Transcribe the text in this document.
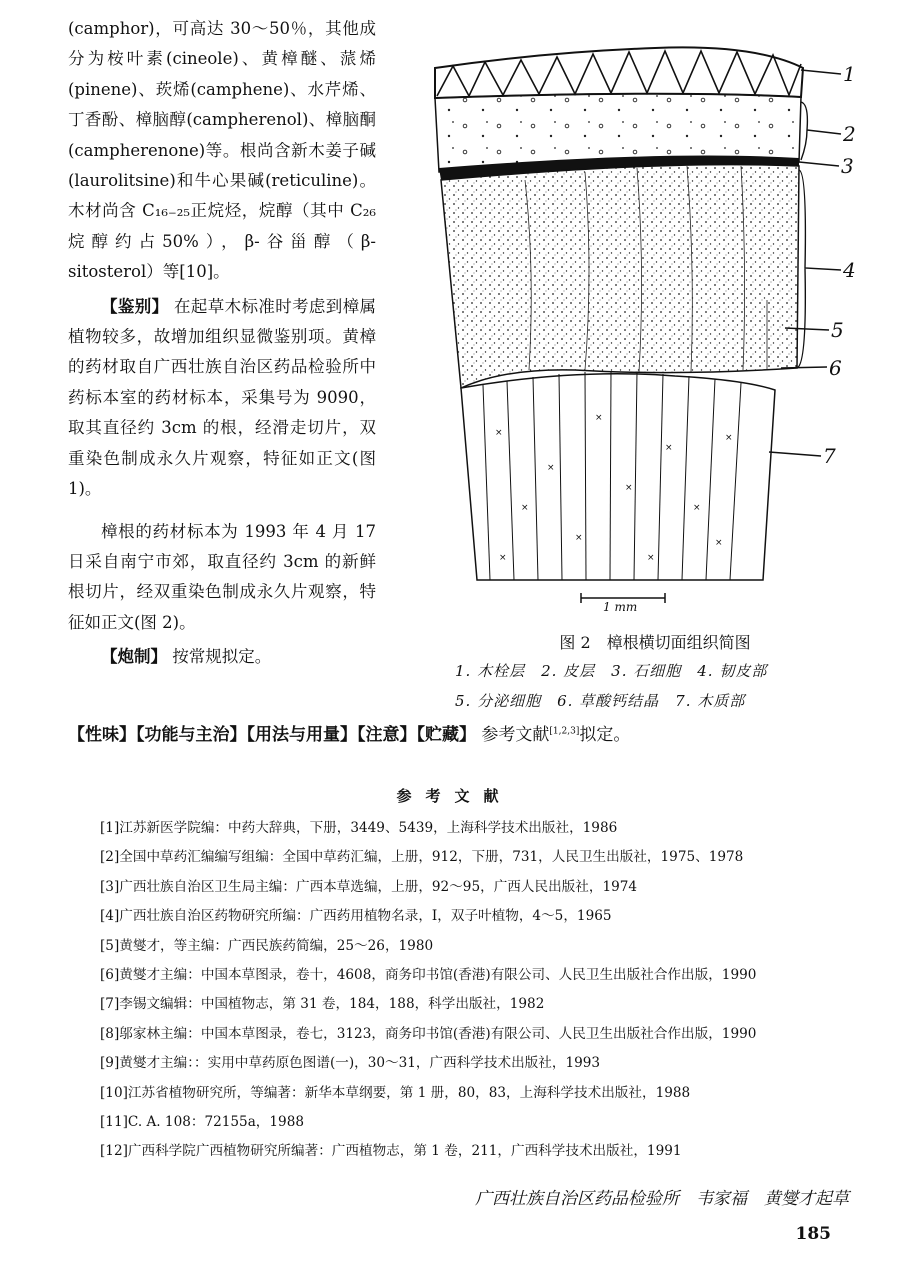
(camphor)，可高达 30～50％，其他成分为桉叶素(cineole)、黄樟醚、蒎烯(pinene)、莰烯(camphene)、水芹烯、丁香酚、樟脑醇(campherenol)、樟脑酮(campherenone)等。根尚含新木姜子碱(laurolitsine)和牛心果碱(reticuline)。木材尚含 C₁₆₋₂₅正烷烃，烷醇（其中 C₂₆烷醇约占50%），β-谷甾醇（β-sitosterol）等[10]。

【鉴别】 在起草木标准时考虑到樟属植物较多，故增加组织显微鉴别项。黄樟的药材取自广西壮族自治区药品检验所中药标本室的药材标本，采集号为 9090，取其直径约 3cm 的根，经滑走切片，双重染色制成永久片观察，特征如正文(图1)。

樟根的药材标本为 1993 年 4 月 17 日采自南宁市郊，取直径约 3cm 的新鲜根切片，经双重染色制成永久片观察，特征如正文(图 2)。

【炮制】 按常规拟定。

×
×
×
×
×
×
×
×
×
×
×	×
1
2
3
4
5
6
7
1 mm
图 2　樟根横切面组织简图
1. 木栓层　2. 皮层　3. 石细胞　4. 韧皮部
5. 分泌细胞　6. 草酸钙结晶　7. 木质部
【性味】【功能与主治】【用法与用量】【注意】【贮藏】 参考文献[1,2,3]拟定。
参考文献
[1]江苏新医学院编：中药大辞典，下册，3449、5439，上海科学技术出版社，1986
[2]全国中草药汇编编写组编：全国中草药汇编，上册，912，下册，731，人民卫生出版社，1975、1978
[3]广西壮族自治区卫生局主编：广西本草选编，上册，92～95，广西人民出版社，1974
[4]广西壮族自治区药物研究所编：广西药用植物名录，Ⅰ，双子叶植物，4～5，1965
[5]黄燮才，等主编：广西民族药简编，25～26，1980
[6]黄燮才主编：中国本草图录，卷十，4608，商务印书馆(香港)有限公司、人民卫生出版社合作出版，1990
[7]李锡文编辑：中国植物志，第 31 卷，184，188，科学出版社，1982
[8]邬家林主编：中国本草图录，卷七，3123，商务印书馆(香港)有限公司、人民卫生出版社合作出版，1990
[9]黄燮才主编：：实用中草药原色图谱(一)，30～31，广西科学技术出版社，1993
[10]江苏省植物研究所，等编著：新华本草纲要，第 1 册，80，83，上海科学技术出版社，1988
[11]C. A. 108：72155a，1988
[12]广西科学院广西植物研究所编著：广西植物志，第 1 卷，211，广西科学技术出版社，1991
广西壮族自治区药品检验所　韦家福　黄燮才起草
185
